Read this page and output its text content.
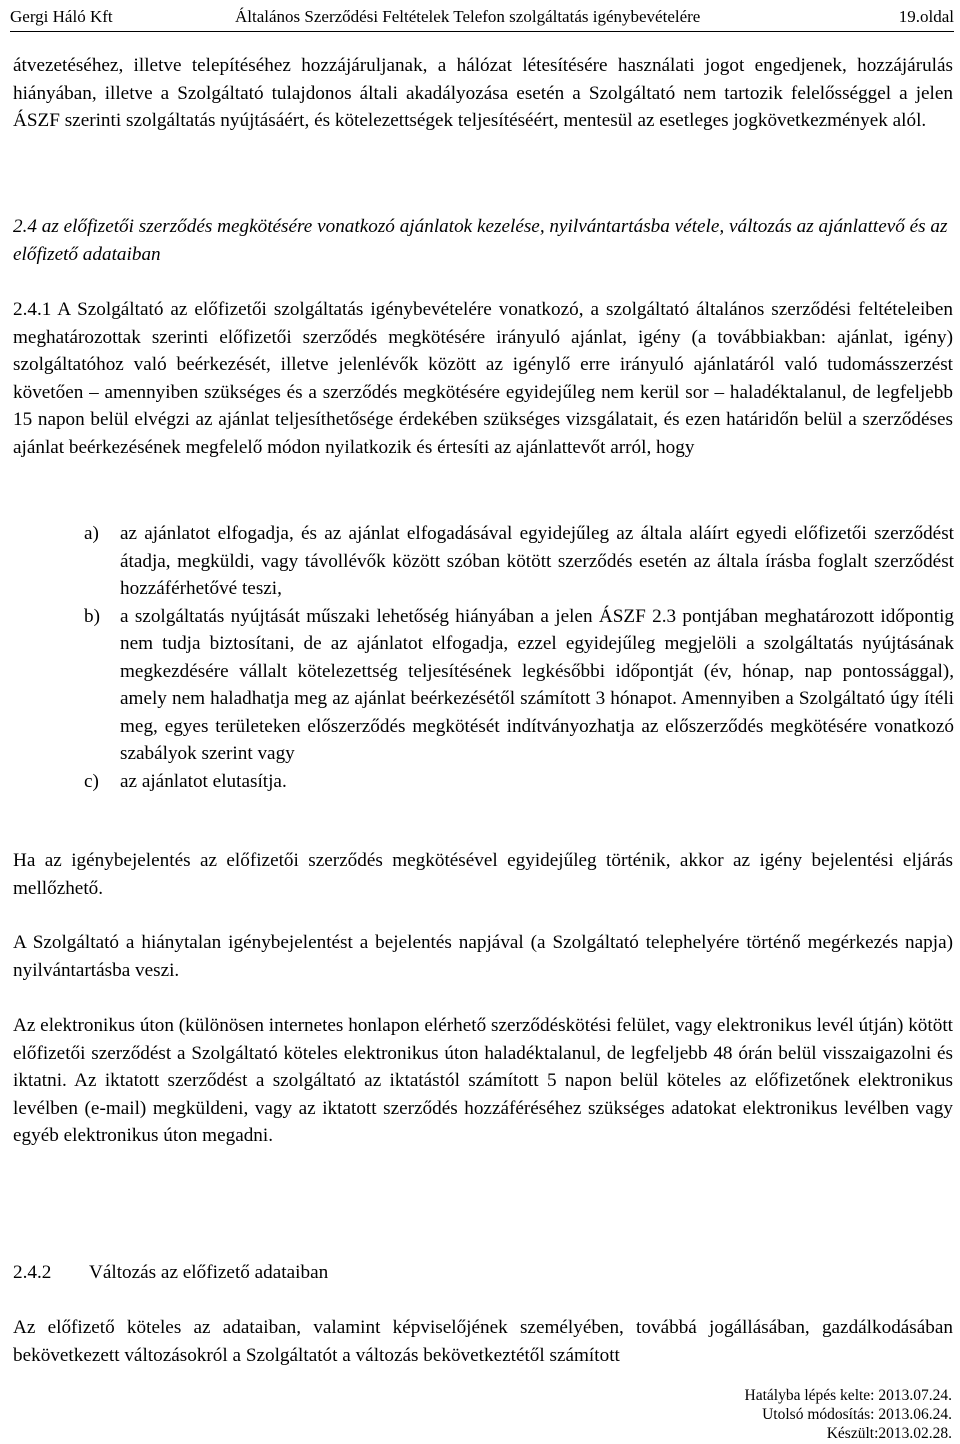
Gergi Háló Kft	Általános Szerződési Feltételek Telefon szolgáltatás igénybevételére	19.oldal

átvezetéséhez, illetve telepítéséhez hozzájáruljanak, a hálózat létesítésére használati jogot engedjenek, hozzájárulás hiányában, illetve a Szolgáltató tulajdonos általi akadályozása esetén a Szolgáltató nem tartozik felelősséggel a jelen ÁSZF szerinti szolgáltatás nyújtásáért, és kötelezettségek teljesítéséért, mentesül az esetleges jogkövetkezmények alól.

2.4 az előfizetői szerződés megkötésére vonatkozó ajánlatok kezelése, nyilvántartásba vétele, változás az ajánlattevő és az előfizető adataiban

2.4.1 A Szolgáltató az előfizetői szolgáltatás igénybevételére vonatkozó, a szolgáltató általános szerződési feltételeiben meghatározottak szerinti előfizetői szerződés megkötésére irányuló ajánlat, igény (a továbbiakban: ajánlat, igény) szolgáltatóhoz való beérkezését, illetve jelenlévők között az igénylő erre irányuló ajánlatáról való tudomásszerzést követően – amennyiben szükséges és a szerződés megkötésére egyidejűleg nem kerül sor – haladéktalanul, de legfeljebb 15 napon belül elvégzi az ajánlat teljesíthetősége érdekében szükséges vizsgálatait, és ezen határidőn belül a szerződéses ajánlat beérkezésének megfelelő módon nyilatkozik és értesíti az ajánlattevőt arról, hogy

a) az ajánlatot elfogadja, és az ajánlat elfogadásával egyidejűleg az általa aláírt egyedi előfizetői szerződést átadja, megküldi, vagy távollévők között szóban kötött szerződés esetén az általa írásba foglalt szerződést hozzáférhetővé teszi,
b) a szolgáltatás nyújtását műszaki lehetőség hiányában a jelen ÁSZF 2.3 pontjában meghatározott időpontig nem tudja biztosítani, de az ajánlatot elfogadja, ezzel egyidejűleg megjelöli a szolgáltatás nyújtásának megkezdésére vállalt kötelezettség teljesítésének legkésőbbi időpontját (év, hónap, nap pontossággal), amely nem haladhatja meg az ajánlat beérkezésétől számított 3 hónapot. Amennyiben a Szolgáltató úgy ítéli meg, egyes területeken előszerződés megkötését indítványozhatja az előszerződés megkötésére vonatkozó szabályok szerint vagy
c) az ajánlatot elutasítja.

Ha az igénybejelentés az előfizetői szerződés megkötésével egyidejűleg történik, akkor az igény bejelentési eljárás mellőzhető.

A Szolgáltató a hiánytalan igénybejelentést a bejelentés napjával (a Szolgáltató telephelyére történő megérkezés napja) nyilvántartásba veszi.

Az elektronikus úton (különösen internetes honlapon elérhető szerződéskötési felület, vagy elektronikus levél útján) kötött előfizetői szerződést a Szolgáltató köteles elektronikus úton haladéktalanul, de legfeljebb 48 órán belül visszaigazolni és iktatni. Az iktatott szerződést a szolgáltató az iktatástól számított 5 napon belül köteles az előfizetőnek elektronikus levélben (e-mail) megküldeni, vagy az iktatott szerződés hozzáféréséhez szükséges adatokat elektronikus levélben vagy egyéb elektronikus úton megadni.

2.4.2 Változás az előfizető adataiban

Az előfizető köteles az adataiban, valamint képviselőjének személyében, továbbá jogállásában, gazdálkodásában bekövetkezett változásokról a Szolgáltatót a változás bekövetkeztétől számított

Hatályba lépés kelte: 2013.07.24.
Utolsó módosítás: 2013.06.24.
Készült:2013.02.28.
